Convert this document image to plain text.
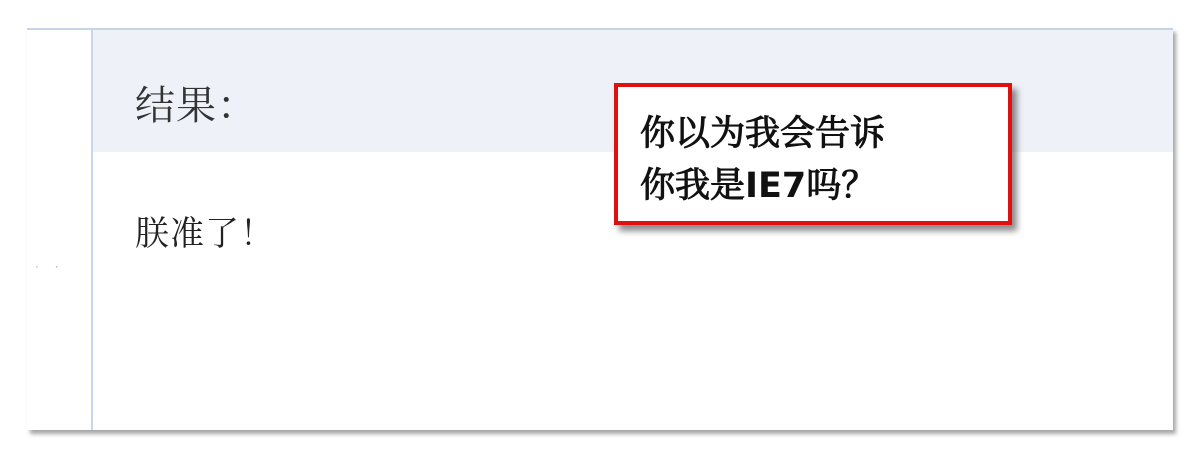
· ·
结果：
朕准了！
你以为我会告诉
你我是IE7吗？
